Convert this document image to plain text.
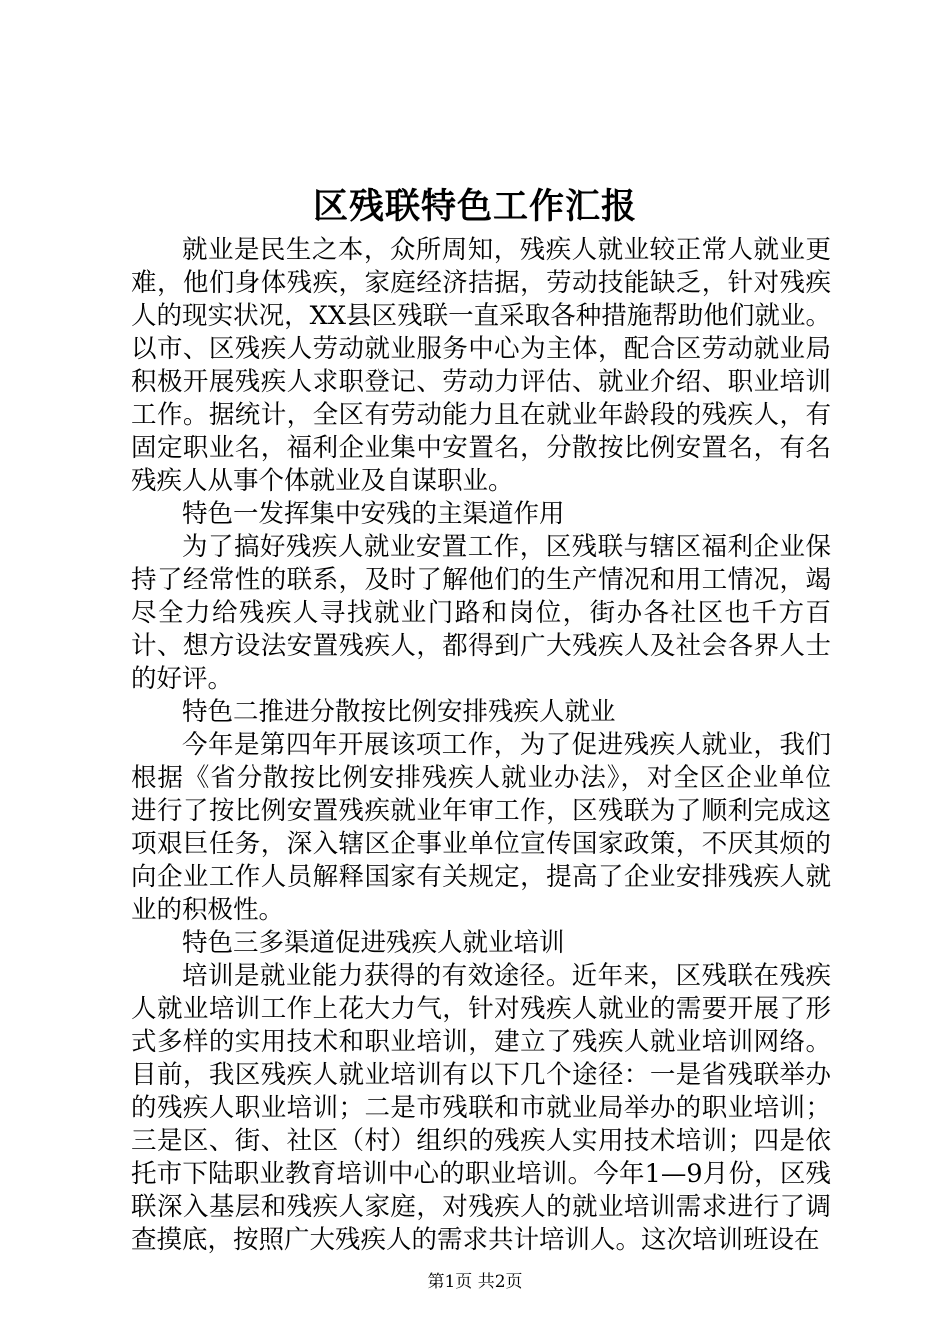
区残联特色工作汇报

就业是民生之本，众所周知，残疾人就业较正常人就业更难，他们身体残疾，家庭经济拮据，劳动技能缺乏，针对残疾人的现实状况，XX县区残联一直采取各种措施帮助他们就业。以市、区残疾人劳动就业服务中心为主体，配合区劳动就业局积极开展残疾人求职登记、劳动力评估、就业介绍、职业培训工作。据统计，全区有劳动能力且在就业年龄段的残疾人，有固定职业名，福利企业集中安置名，分散按比例安置名，有名残疾人从事个体就业及自谋职业。

特色一发挥集中安残的主渠道作用

为了搞好残疾人就业安置工作，区残联与辖区福利企业保持了经常性的联系，及时了解他们的生产情况和用工情况，竭尽全力给残疾人寻找就业门路和岗位，街办各社区也千方百计、想方设法安置残疾人，都得到广大残疾人及社会各界人士的好评。

特色二推进分散按比例安排残疾人就业

今年是第四年开展该项工作，为了促进残疾人就业，我们根据《省分散按比例安排残疾人就业办法》，对全区企业单位进行了按比例安置残疾就业年审工作，区残联为了顺利完成这项艰巨任务，深入辖区企事业单位宣传国家政策，不厌其烦的向企业工作人员解释国家有关规定，提高了企业安排残疾人就业的积极性。

特色三多渠道促进残疾人就业培训

培训是就业能力获得的有效途径。近年来，区残联在残疾人就业培训工作上花大力气，针对残疾人就业的需要开展了形式多样的实用技术和职业培训，建立了残疾人就业培训网络。目前，我区残疾人就业培训有以下几个途径：一是省残联举办的残疾人职业培训；二是市残联和市就业局举办的职业培训；三是区、街、社区（村）组织的残疾人实用技术培训；四是依托市下陆职业教育培训中心的职业培训。今年1—9月份，区残联深入基层和残疾人家庭，对残疾人的就业培训需求进行了调查摸底，按照广大残疾人的需求共计培训人。这次培训班设在

第1页 共2页
